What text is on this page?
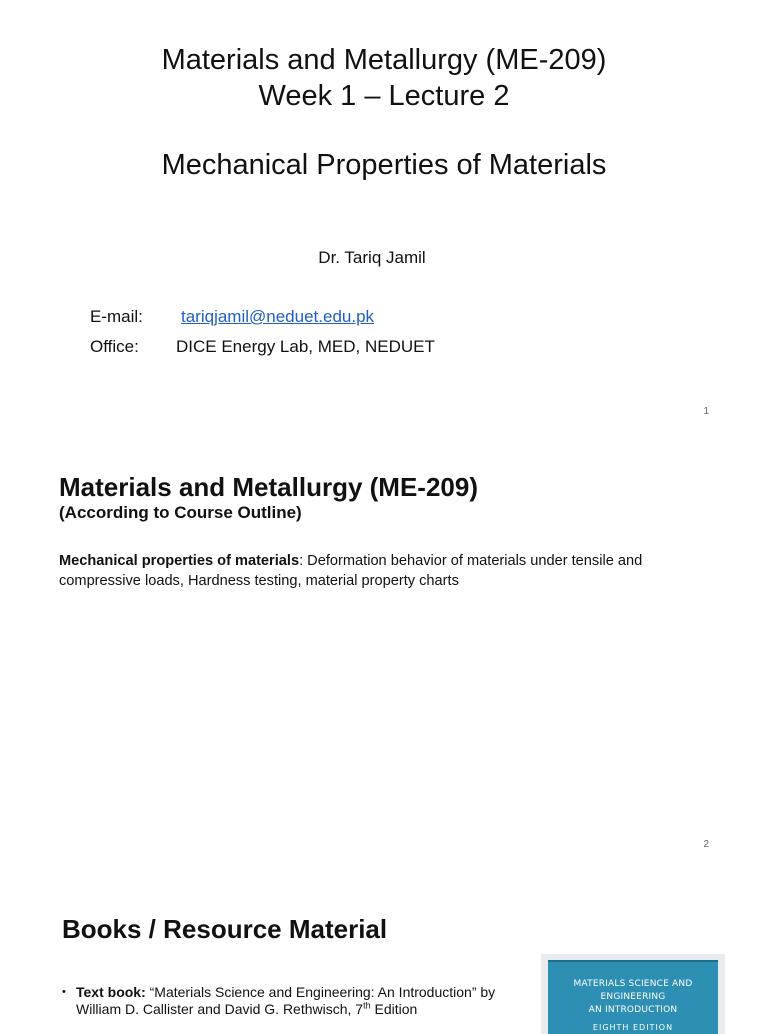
Materials and Metallurgy (ME-209)
Week 1 – Lecture 2
Mechanical Properties of Materials
Dr. Tariq Jamil
E-mail: tariqjamil@neduet.edu.pk
Office: DICE Energy Lab, MED, NEDUET
1
Materials and Metallurgy (ME-209)
(According to Course Outline)

Mechanical properties of materials: Deformation behavior of materials under tensile and compressive loads, Hardness testing, material property charts

2
Books / Resource Material
• Text book: “Materials Science and Engineering: An Introduction” by William D. Callister and David G. Rethwisch, 7th Edition
MATERIALS SCIENCE AND ENGINEERING
AN INTRODUCTION
EIGHTH EDITION
